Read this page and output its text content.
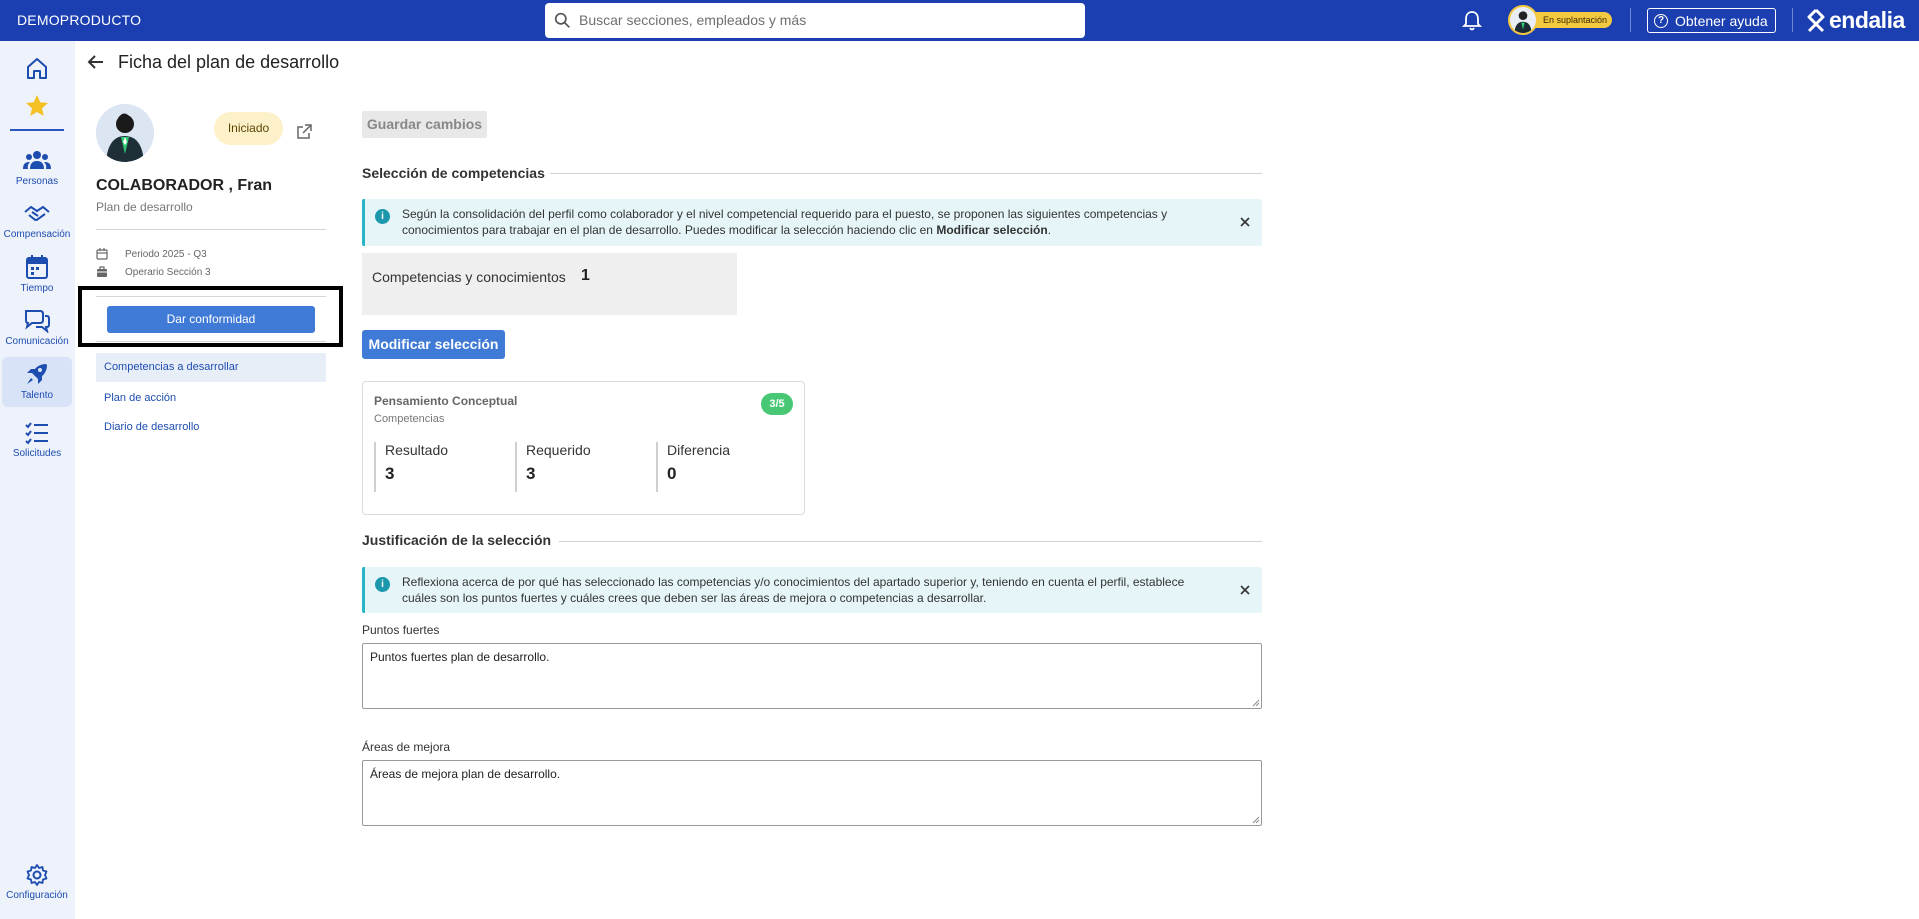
DEMOPRODUCTO	Buscar secciones, empleados y más	En suplantación	? Obtener ayuda	endalia
Personas
Compensación
Tiempo
Comunicación
Talento
Solicitudes
Configuración
Ficha del plan de desarrollo
Iniciado
COLABORADOR , Fran
Plan de desarrollo
Periodo 2025 - Q3
Operario Sección 3
Dar conformidad
Competencias a desarrollar
Plan de acción
Diario de desarrollo
Guardar cambios
Selección de competencias
i	Según la consolidación del perfil como colaborador y el nivel competencial requerido para el puesto, se proponen las siguientes competencias y conocimientos para trabajar en el plan de desarrollo. Puedes modificar la selección haciendo clic en Modificar selección.
Competencias y conocimientos 1
Modificar selección
Pensamiento Conceptual
Competencias
3/5
Resultado
3
Requerido
3
Diferencia
0
Justificación de la selección
i	Reflexiona acerca de por qué has seleccionado las competencias y/o conocimientos del apartado superior y, teniendo en cuenta el perfil, establece cuáles son los puntos fuertes y cuáles crees que deben ser las áreas de mejora o competencias a desarrollar.
Puntos fuertes
Puntos fuertes plan de desarrollo.
Áreas de mejora
Áreas de mejora plan de desarrollo.
